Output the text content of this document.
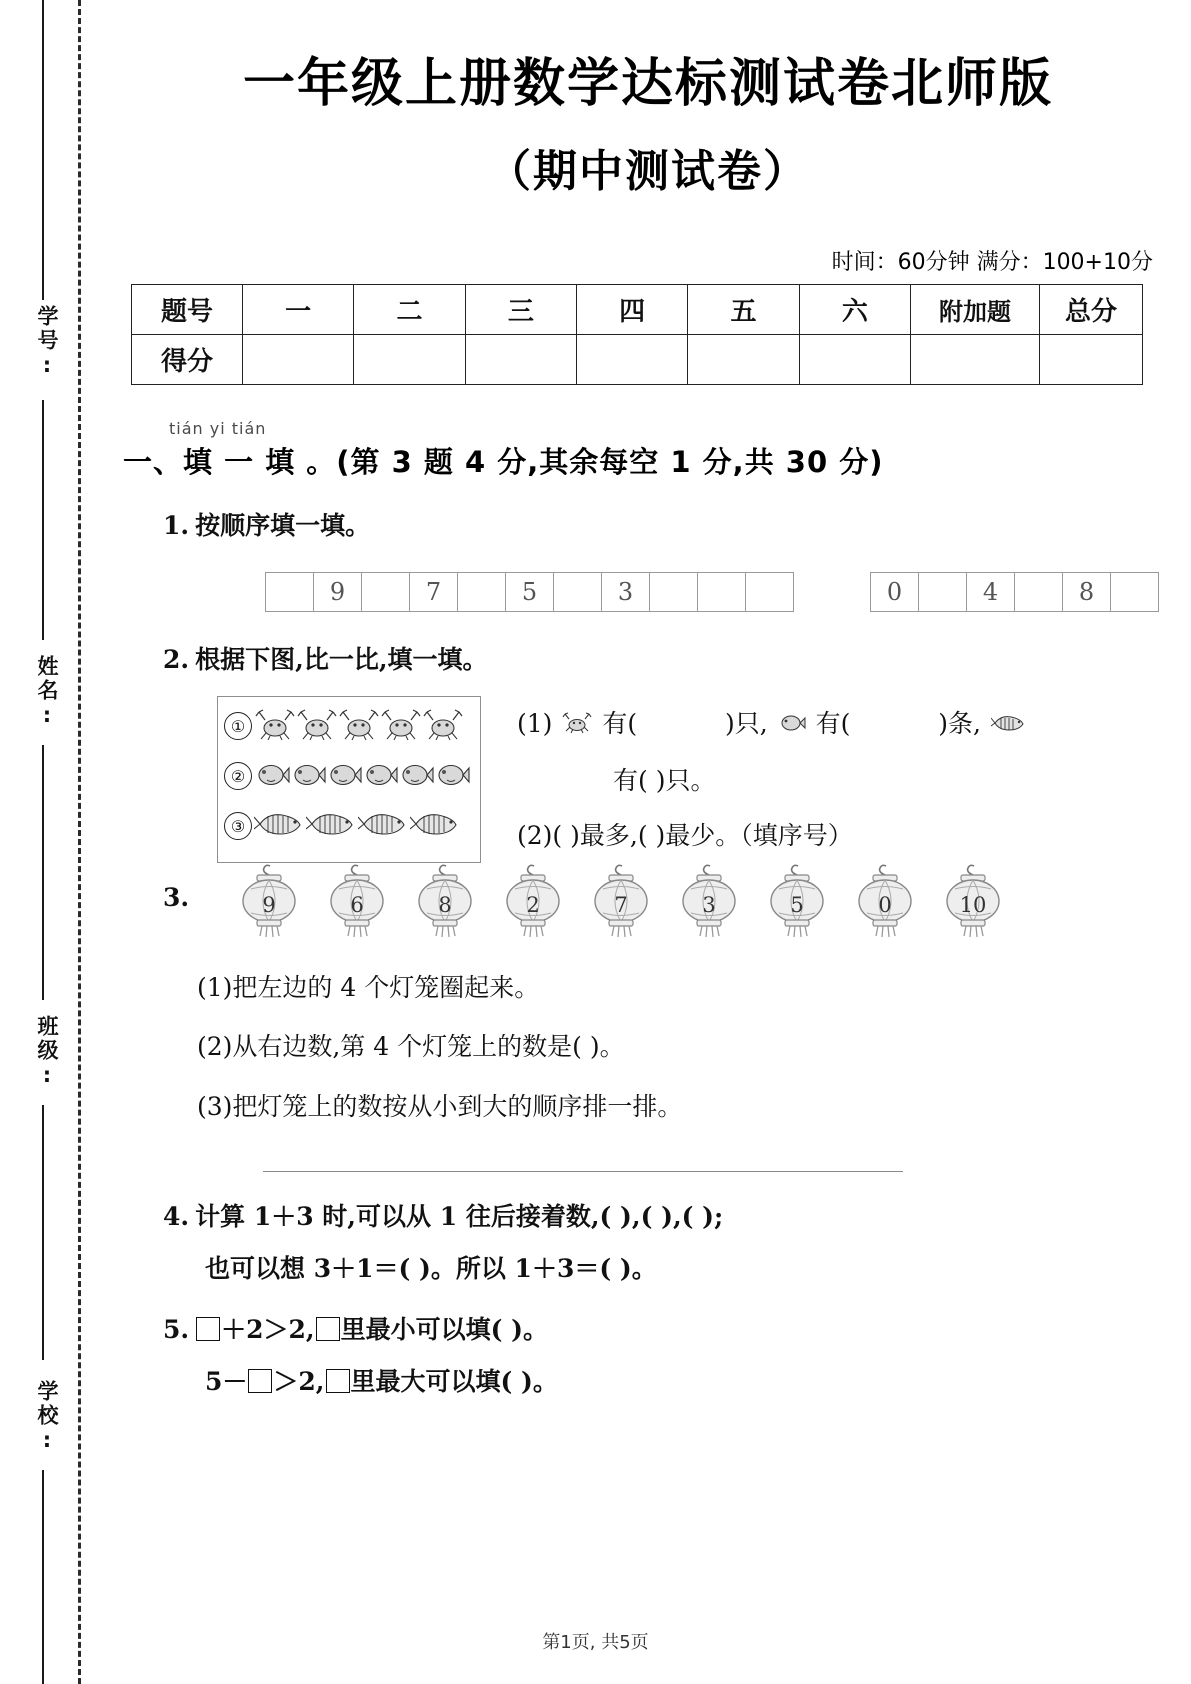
学号:
姓名:
班级:
学校:
一年级上册数学达标测试卷北师版
（期中测试卷）
时间：60分钟 满分：100+10分
题号	一	二	三	四	五	六	附加题	总分
得分								
tián yi tián
一、填 一 填 。(第 3 题 4 分,其余每空 1 分,共 30 分)
1. 按顺序填一填。
9	7	5	3	0	4	8
2. 根据下图,比一比,填一填。
①
②
③
(1) 有(	)只, 有(	)条,
有( )只。
(2)( )最多,( )最少。（填序号）
3.	9	6	8	2	7	3	5	0	10
(1)把左边的 4 个灯笼圈起来。
(2)从右边数,第 4 个灯笼上的数是( )。
(3)把灯笼上的数按从小到大的顺序排一排。
4. 计算 1＋3 时,可以从 1 往后接着数,( ),( ),( );
也可以想 3＋1＝( )。所以 1＋3＝( )。
5. ＋2＞2, 里最小可以填( )。
5－ ＞2, 里最大可以填( )。
第1页, 共5页
